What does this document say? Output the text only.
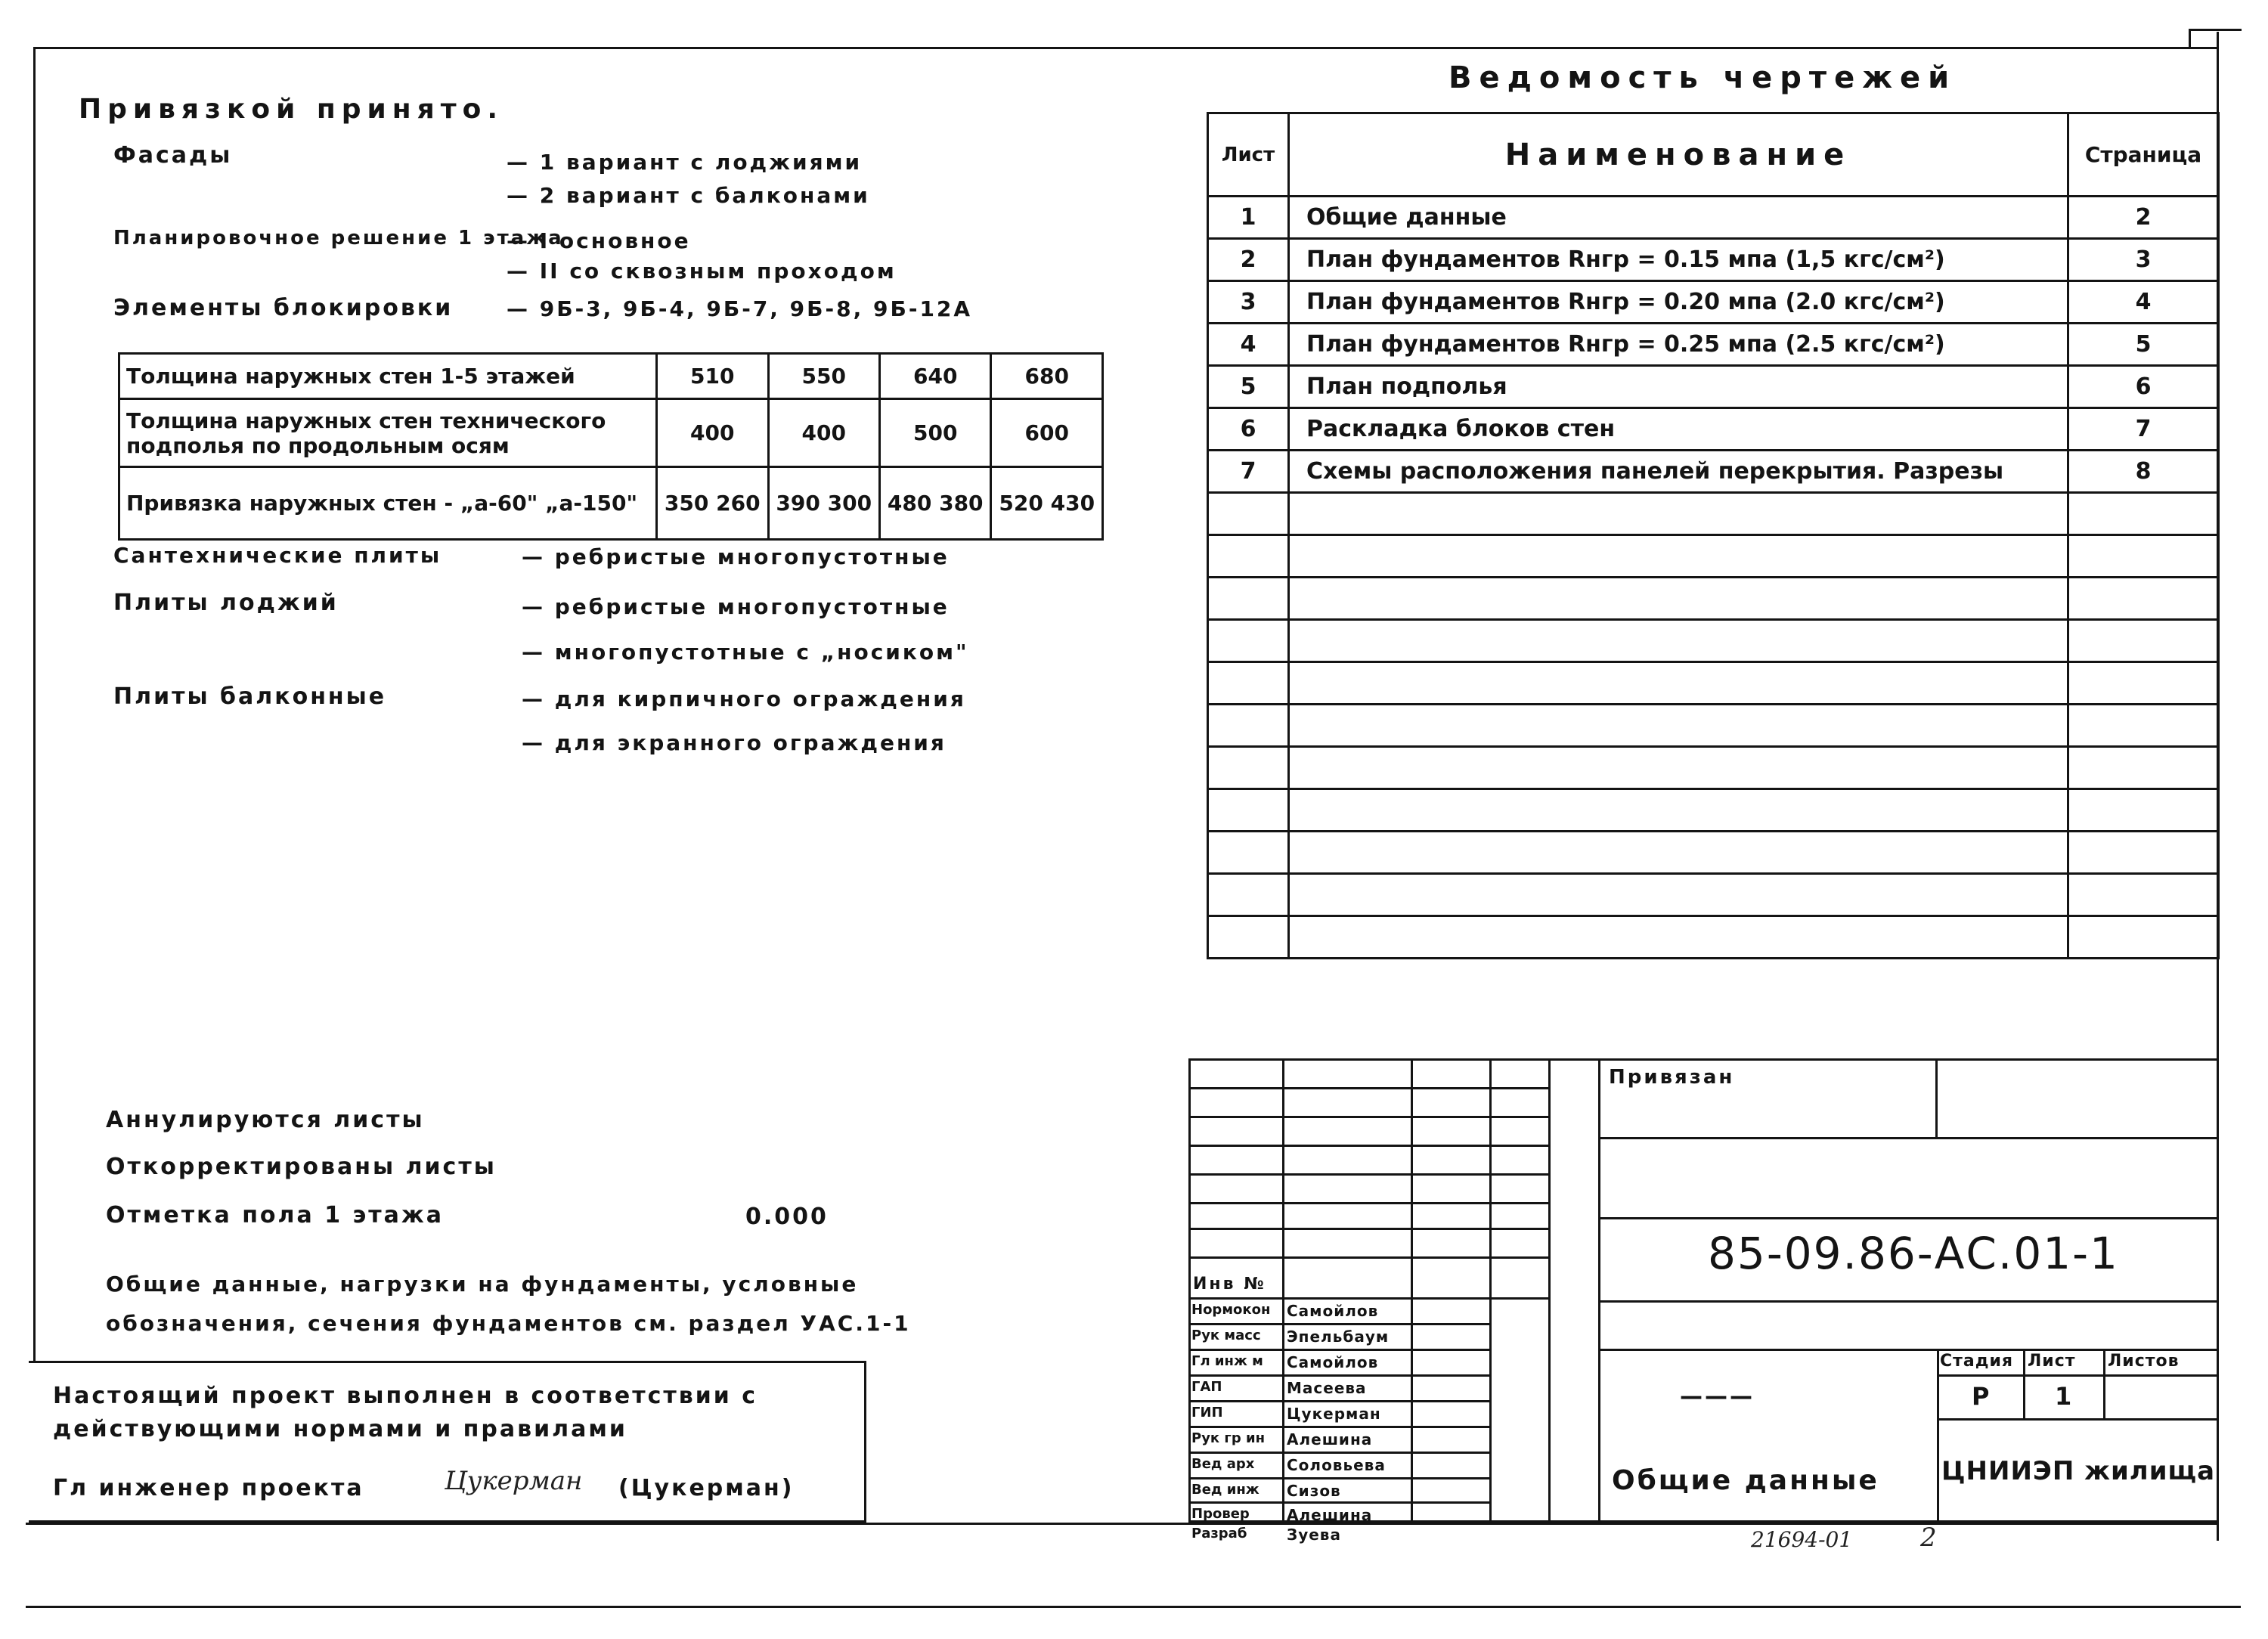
Привязкой принято.
Фасады	— 1 вариант с лоджиями
— 2 вариант с балконами
Планировочное решение 1 этажа
— I основное
— II со сквозным проходом
Элементы блокировки	— 9Б-3, 9Б-4, 9Б-7, 9Б-8, 9Б-12А
Толщина наружных стен 1-5 этажей	510	550	640	680
Толщина наружных стен технического подполья по продольным осям	400	400	500	600
Привязка наружных стен - „а-60" „а-150"	350 260	390 300	480 380	520 430
Сантехнические плиты	— ребристые многопустотные
Плиты лоджий	— ребристые многопустотные
— многопустотные с „носиком"
Плиты балконные	— для кирпичного ограждения
— для экранного ограждения
Аннулируются листы
Откорректированы листы
Отметка пола 1 этажа	0.000
Общие данные, нагрузки на фундаменты, условные
обозначения, сечения фундаментов см. раздел УАС.1-1
Настоящий проект выполнен в соответствии с
действующими нормами и правилами
Гл инженер проекта	Цукерман (Цукерман)
Ведомость чертежей
Лист	Наименование	Страница
1	Общие данные	2
2	План фундаментов Rнгр = 0.15 мпа (1,5 кгс/см²)	3
3	План фундаментов Rнгр = 0.20 мпа (2.0 кгс/см²)	4
4	План фундаментов Rнгр = 0.25 мпа (2.5 кгс/см²)	5
5	План подполья	6
6	Раскладка блоков стен	7
7	Схемы расположения панелей перекрытия. Разрезы	8

Привязан
Инв №
85-09.86-АС.01-1
Стадия Лист Листов
Р	1
———
Общие данные ЦНИИЭП жилища
Нормокон Самойлов
Рук масс Эпельбаум
Гл инж м Самойлов
ГАП	Масеева
ГИП	Цукерман
Рук гр ин Алешина
Вед арх Соловьева
Вед инж Сизов
Провер Алешина
Разраб	Зуева	21694-01	2
